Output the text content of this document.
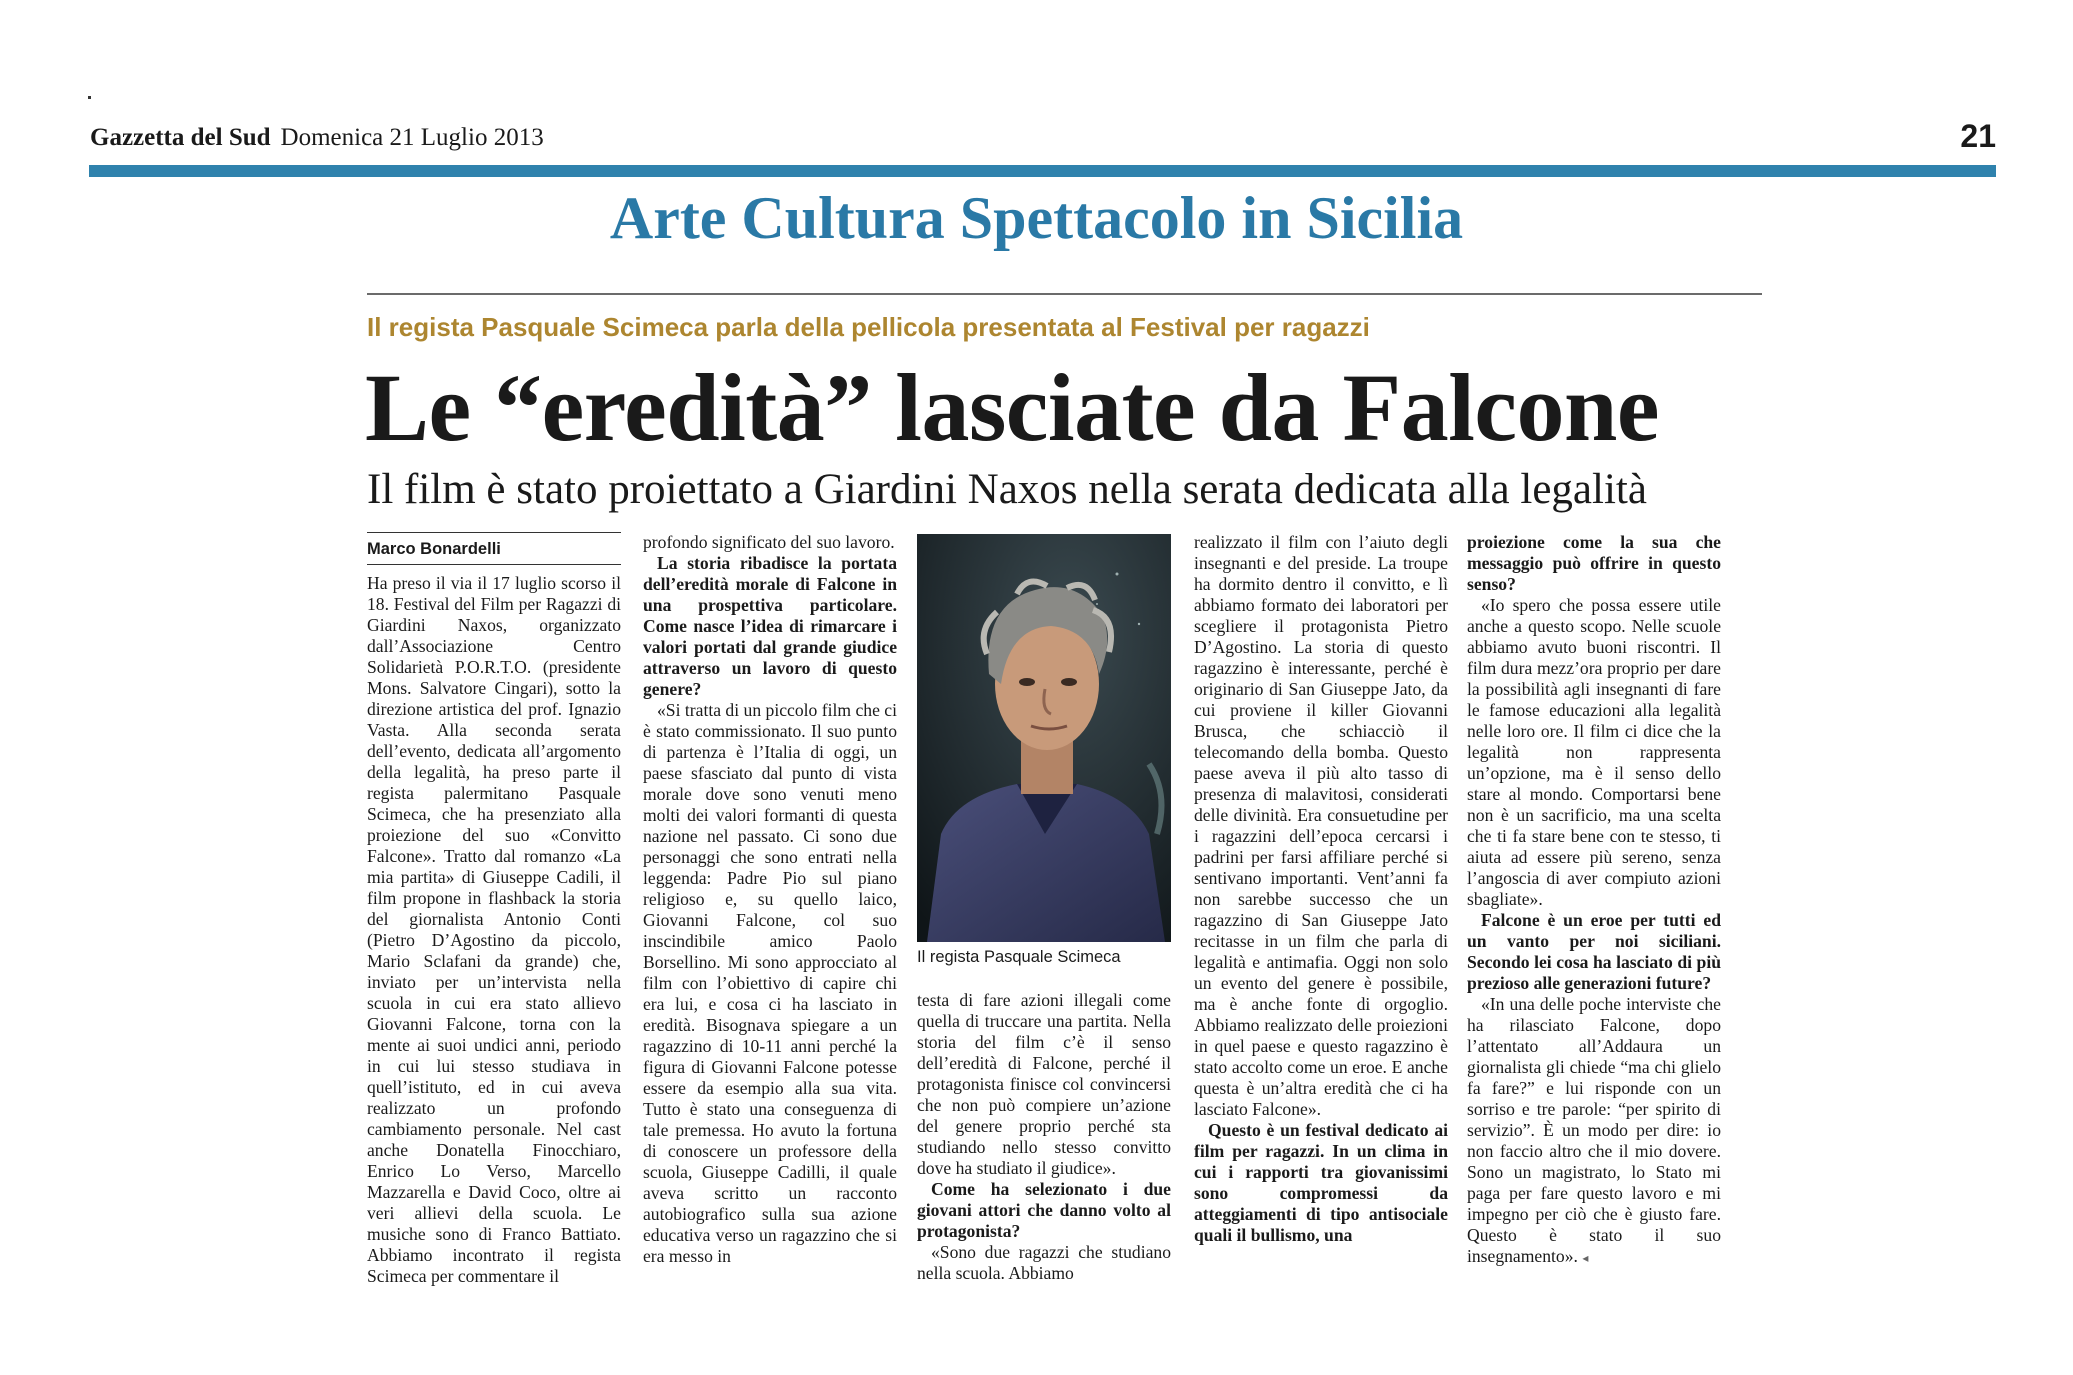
Gazzetta del Sud Domenica 21 Luglio 2013	21
Arte Cultura Spettacolo in Sicilia
Il regista Pasquale Scimeca parla della pellicola presentata al Festival per ragazzi
Le “eredità” lasciate da Falcone
Il film è stato proiettato a Giardini Naxos nella serata dedicata alla legalità
Marco Bonardelli

Ha preso il via il 17 luglio scorso il 18. Festival del Film per Ragazzi di Giardini Naxos, organizzato dall’Associazione Centro Solidarietà P.O.R.T.O. (presidente Mons. Salvatore Cingari), sotto la direzione artistica del prof. Ignazio Vasta. Alla seconda serata dell’evento, dedicata all’argomento della legalità, ha preso parte il regista palermitano Pasquale Scimeca, che ha presenziato alla proiezione del suo «Convitto Falcone». Tratto dal romanzo «La mia partita» di Giuseppe Cadili, il film propone in flashback la storia del giornalista Antonio Conti (Pietro D’Agostino da piccolo, Mario Sclafani da grande) che, inviato per un’intervista nella scuola in cui era stato allievo Giovanni Falcone, torna con la mente ai suoi undici anni, periodo in cui lui stesso studiava in quell’istituto, ed in cui aveva realizzato un profondo cambiamento personale. Nel cast anche Donatella Finocchiaro, Enrico Lo Verso, Marcello Mazzarella e David Coco, oltre ai veri allievi della scuola. Le musiche sono di Franco Battiato. Abbiamo incontrato il regista Scimeca per commentare il

profondo significato del suo lavoro.

La storia ribadisce la portata dell’eredità morale di Falcone in una prospettiva particolare. Come nasce l’idea di rimarcare i valori portati dal grande giudice attraverso un lavoro di questo genere?

«Si tratta di un piccolo film che ci è stato commissionato. Il suo punto di partenza è l’Italia di oggi, un paese sfasciato dal punto di vista morale dove sono venuti meno molti dei valori formanti di questa nazione nel passato. Ci sono due personaggi che sono entrati nella leggenda: Padre Pio sul piano religioso e, su quello laico, Giovanni Falcone, col suo inscindibile amico Paolo Borsellino. Mi sono approcciato al film con l’obiettivo di capire chi era lui, e cosa ci ha lasciato in eredità. Bisognava spiegare a un ragazzino di 10-11 anni perché la figura di Giovanni Falcone potesse essere da esempio alla sua vita. Tutto è stato una conseguenza di tale premessa. Ho avuto la fortuna di conoscere un professore della scuola, Giuseppe Cadilli, il quale aveva scritto un racconto autobiografico sulla sua azione educativa verso un ragazzino che si era messo in

Il regista Pasquale Scimeca

testa di fare azioni illegali come quella di truccare una partita. Nella storia del film c’è il senso dell’eredità di Falcone, perché il protagonista finisce col convincersi che non può compiere un’azione del genere proprio perché sta studiando nello stesso convitto dove ha studiato il giudice».

Come ha selezionato i due giovani attori che danno volto al protagonista?

«Sono due ragazzi che studiano nella scuola. Abbiamo

realizzato il film con l’aiuto degli insegnanti e del preside. La troupe ha dormito dentro il convitto, e lì abbiamo formato dei laboratori per scegliere il protagonista Pietro D’Agostino. La storia di questo ragazzino è interessante, perché è originario di San Giuseppe Jato, da cui proviene il killer Giovanni Brusca, che schiacciò il telecomando della bomba. Questo paese aveva il più alto tasso di presenza di malavitosi, considerati delle divinità. Era consuetudine per i ragazzini dell’epoca cercarsi i padrini per farsi affiliare perché si sentivano importanti. Vent’anni fa non sarebbe successo che un ragazzino di San Giuseppe Jato recitasse in un film che parla di legalità e antimafia. Oggi non solo un evento del genere è possibile, ma è anche fonte di orgoglio. Abbiamo realizzato delle proiezioni in quel paese e questo ragazzino è stato accolto come un eroe. E anche questa è un’altra eredità che ci ha lasciato Falcone».

Questo è un festival dedicato ai film per ragazzi. In un clima in cui i rapporti tra giovanissimi sono compromessi da atteggiamenti di tipo antisociale quali il bullismo, una

proiezione come la sua che messaggio può offrire in questo senso?

«Io spero che possa essere utile anche a questo scopo. Nelle scuole abbiamo avuto buoni riscontri. Il film dura mezz’ora proprio per dare la possibilità agli insegnanti di fare le famose educazioni alla legalità nelle loro ore. Il film ci dice che la legalità non rappresenta un’opzione, ma è il senso dello stare al mondo. Comportarsi bene non è un sacrificio, ma una scelta che ti fa stare bene con te stesso, ti aiuta ad essere più sereno, senza l’angoscia di aver compiuto azioni sbagliate».

Falcone è un eroe per tutti ed un vanto per noi siciliani. Secondo lei cosa ha lasciato di più prezioso alle generazioni future?

«In una delle poche interviste che ha rilasciato Falcone, dopo l’attentato all’Addaura un giornalista gli chiede “ma chi glielo fa fare?” e lui risponde con un sorriso e tre parole: “per spirito di servizio”. È un modo per dire: io non faccio altro che il mio dovere. Sono un magistrato, lo Stato mi paga per fare questo lavoro e mi impegno per ciò che è giusto fare. Questo è stato il suo insegnamento». ◂
